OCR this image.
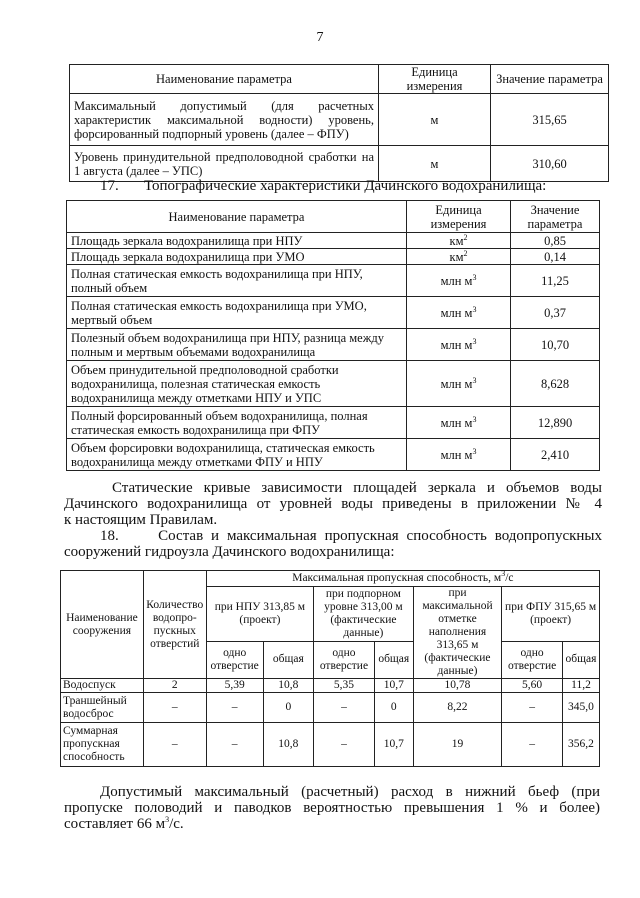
7
Наименование параметра	Единица измерения	Значение параметра
Максимальный допустимый (для расчетных характеристик максимальной водности) уровень, форсированный подпорный уровень (далее – ФПУ)	м	315,65
Уровень принудительной предпoловодной сработки на 1 августа (далее – УПС)	м	310,60
17. Топографические характеристики Дачинского водохранилища:
Наименование параметра	Единица измерения	Значение параметра
Площадь зеркала водохранилища при НПУ	$км^2$	0,85
Площадь зеркала водохранилища при УМО	$км^2$	0,14
Полная статическая емкость водохранилища при НПУ, полный объем	млн $м^3$	11,25
Полная статическая емкость водохранилища при УМО, мертвый объем	млн $м^3$	0,37
Полезный объем водохранилища при НПУ, разница между полным и мертвым объемами водохранилища	млн $м^3$	10,70
Объем принудительной предпoловодной сработки водохранилища, полезная статическая емкость водохранилища между отметками НПУ и УПС	млн $м^3$	8,628
Полный форсированный объем водохранилища, полная статическая емкость водохранилища при ФПУ	млн $м^3$	12,890
Объем форсировки водохранилища, статическая емкость водохранилища между отметками ФПУ и НПУ	млн $м^3$	2,410
Статические кривые зависимости площадей зеркала и объемов воды
Дачинского водохранилища от уровней воды приведены в приложении № 4
к настоящим Правилам.
18.	Состав и максимальная пропускная способность водопропускных сооружений гидроузла Дачинского водохранилища:
Наименование сооружения	Количество водопро-пускных отверстий	Максимальная пропускная способность, $м^3/с$						
		при НПУ 313,85 м (проект)		при подпорном уровне 313,00 м (фактические данные)		при максимальной отметке наполнения 313,65 м (фактические данные)	при ФПУ 315,65 м (проект)	
		одно отверстие	общая	одно отверстие	общая		одно отверстие	общая
Водоспуск	2	5,39	10,8	5,35	10,7	10,78	5,60	11,2
Траншейный водосброс	–	–	0	–	0	8,22	–	345,0
Суммарная пропускная способность	–	–	10,8	–	10,7	19	–	356,2
Допустимый максимальный (расчетный) расход в нижний бьеф (при пропуске половодий и паводков вероятностью превышения 1 % и более) составляет 66 $м^3/с$.
